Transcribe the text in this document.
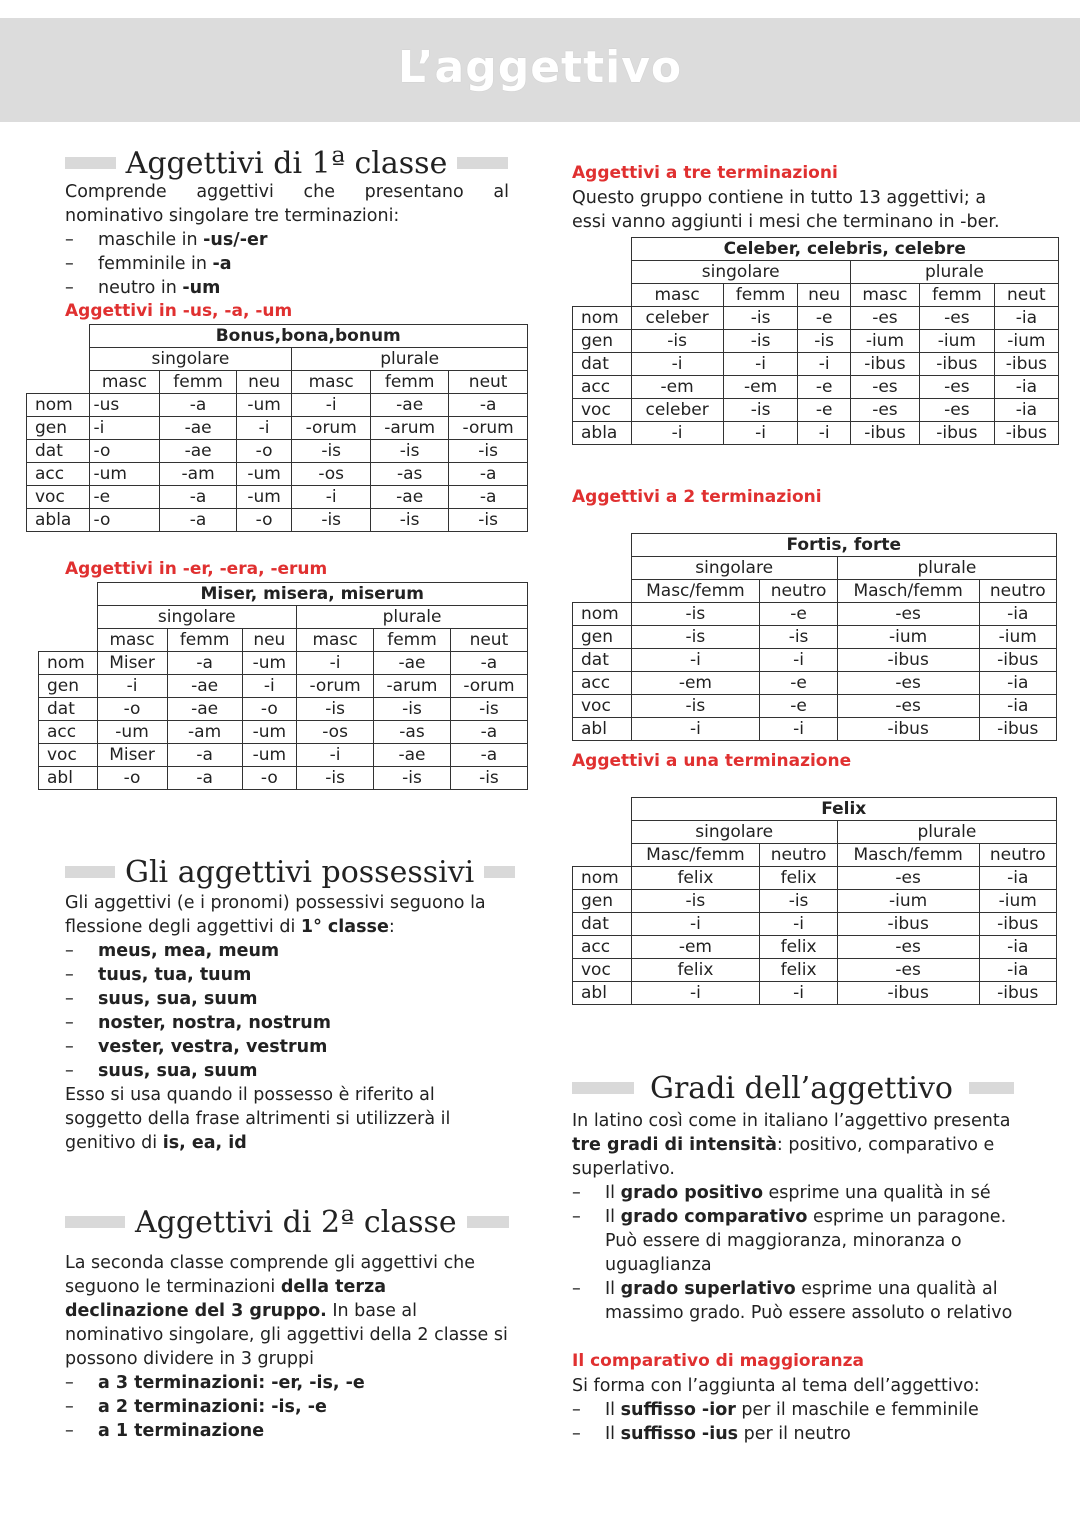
L’aggettivo
Aggettivi di 1ª classe

Comprende aggettivi che presentano al nominativo singolare tre terminazioni:

– maschile in -us/-er
– femminile in -a
– neutro in -um
Aggettivi in -us, -a, -um
	Bonus,bona,bonum					
	singolare			plurale		
	masc	femm	neu	masc	femm	neut
nom	-us	-a	-um	-i	-ae	-a
gen	-i	-ae	-i	-orum	-arum	-orum
dat	-o	-ae	-o	-is	-is	-is
acc	-um	-am	-um	-os	-as	-a
voc	-e	-a	-um	-i	-ae	-a
abla	-o	-a	-o	-is	-is	-is
Aggettivi in -er, -era, -erum
	Miser, misera, miserum					
	singolare			plurale		
	masc	femm	neu	masc	femm	neut
nom	Miser	-a	-um	-i	-ae	-a
gen	-i	-ae	-i	-orum	-arum	-orum
dat	-o	-ae	-o	-is	-is	-is
acc	-um	-am	-um	-os	-as	-a
voc	Miser	-a	-um	-i	-ae	-a
abl	-o	-a	-o	-is	-is	-is
Gli aggettivi possessivi

Gli aggettivi (e i pronomi) possessivi seguono la flessione degli aggettivi di 1° classe:

– meus, mea, meum
– tuus, tua, tuum
– suus, sua, suum
– noster, nostra, nostrum
– vester, vestra, vestrum
– suus, sua, suum

Esso si usa quando il possesso è riferito al soggetto della frase altrimenti si utilizzerà il genitivo di is, ea, id

Aggettivi di 2ª classe

La seconda classe comprende gli aggettivi che seguono le terminazioni della terza declinazione del 3 gruppo. In base al nominativo singolare, gli aggettivi della 2 classe si possono dividere in 3 gruppi

– a 3 terminazioni: -er, -is, -e
– a 2 terminazioni: -is, -e
– a 1 terminazione
Aggettivi a tre terminazioni

Questo gruppo contiene in tutto 13 aggettivi; a essi vanno aggiunti i mesi che terminano in -ber.

	Celeber, celebris, celebre					
	singolare			plurale		
	masc	femm	neu	masc	femm	neut
nom	celeber	-is	-e	-es	-es	-ia
gen	-is	-is	-is	-ium	-ium	-ium
dat	-i	-i	-i	-ibus	-ibus	-ibus
acc	-em	-em	-e	-es	-es	-ia
voc	celeber	-is	-e	-es	-es	-ia
abla	-i	-i	-i	-ibus	-ibus	-ibus
Aggettivi a 2 terminazioni
	Fortis, forte			
	singolare		plurale	
	Masc/femm	neutro	Masch/femm	neutro
nom	-is	-e	-es	-ia
gen	-is	-is	-ium	-ium
dat	-i	-i	-ibus	-ibus
acc	-em	-e	-es	-ia
voc	-is	-e	-es	-ia
abl	-i	-i	-ibus	-ibus
Aggettivi a una terminazione
	Felix			
	singolare		plurale	
	Masc/femm	neutro	Masch/femm	neutro
nom	felix	felix	-es	-ia
gen	-is	-is	-ium	-ium
dat	-i	-i	-ibus	-ibus
acc	-em	felix	-es	-ia
voc	felix	felix	-es	-ia
abl	-i	-i	-ibus	-ibus
Gradi dell’aggettivo

In latino così come in italiano l’aggettivo presenta tre gradi di intensità: positivo, comparativo e superlativo.

– Il grado positivo esprime una qualità in sé
– Il grado comparativo esprime un paragone. Può essere di maggioranza, minoranza o uguaglianza
– Il grado superlativo esprime una qualità al massimo grado. Può essere assoluto o relativo
Il comparativo di maggioranza

Si forma con l’aggiunta al tema dell’aggettivo:

– Il suffisso -ior per il maschile e femminile
– Il suffisso -ius per il neutro
